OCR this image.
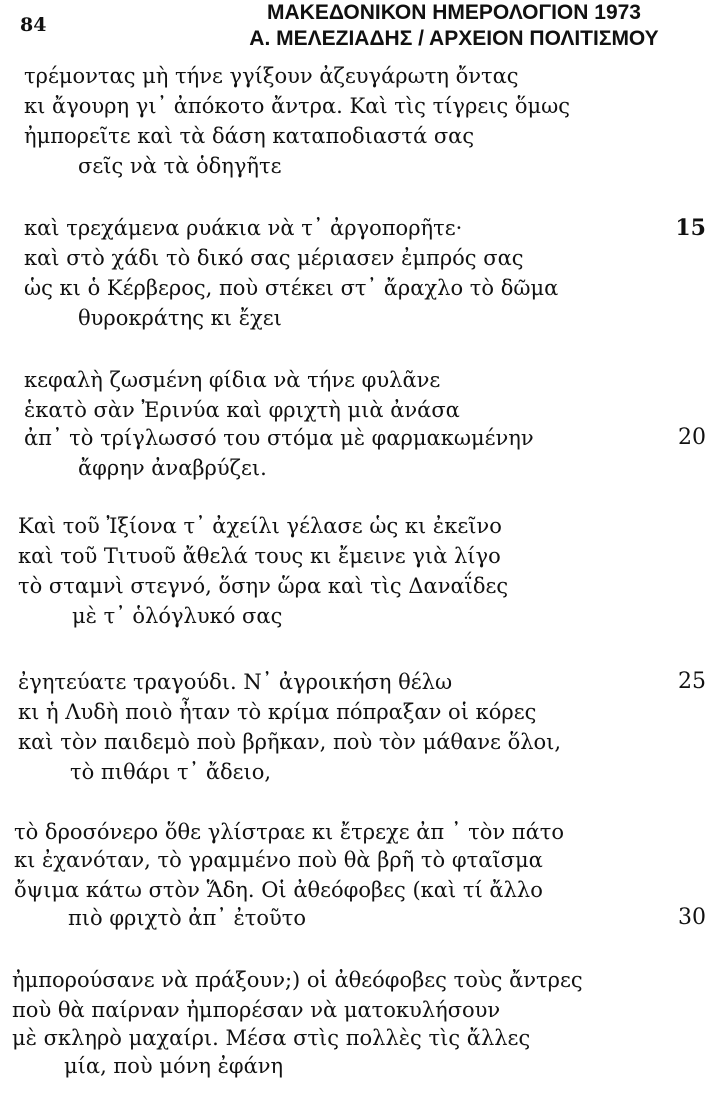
84
ΜΑΚΕΔΟΝΙΚΟΝ ΗΜΕΡΟΛΟΓΙΟΝ 1973
Α. ΜΕΛΕΖΙΑΔΗΣ / ΑΡΧΕΙΟΝ ΠΟΛΙΤΙΣΜΟΥ
τρέμοντας μὴ τήνε γγίξουν ἀζευγάρωτη ὄντας
κι ἄγουρη γι᾽ ἀπόκοτο ἄντρα. Καὶ τὶς τίγρεις ὅμως
ἠμπορεῖτε καὶ τὰ δάση καταποδιαστά σας
σεῖς νὰ τὰ ὁδηγῆτε
καὶ τρεχάμενα ρυάκια νὰ τ᾽ ἀργοπορῆτε·	15
καὶ στὸ χάδι τὸ δικό σας μέριασεν ἐμπρός σας
ὡς κι ὁ Κέρβερος, ποὺ στέκει στ᾽ ἄραχλο τὸ δῶμα
θυροκράτης κι ἔχει
κεφαλὴ ζωσμένη φίδια νὰ τήνε φυλᾶνε
ἑκατὸ σὰν Ἐρινύα καὶ φριχτὴ μιὰ ἀνάσα
ἀπ᾽ τὸ τρίγλωσσό του στόμα μὲ φαρμακωμένην	20
ἄφρην ἀναβρύζει.
Καὶ τοῦ Ἰξίονα τ᾽ ἀχείλι γέλασε ὡς κι ἐκεῖνο
καὶ τοῦ Τιτυοῦ ἄθελά τους κι ἔμεινε γιὰ λίγο
τὸ σταμνὶ στεγνό, ὅσην ὥρα καὶ τὶς Δαναΐδες
μὲ τ᾽ ὁλόγλυκό σας
ἐγητεύατε τραγούδι. Ν᾽ ἀγροικήση θέλω	25
κι ἡ Λυδὴ ποιὸ ἦταν τὸ κρίμα πόπραξαν οἱ κόρες
καὶ τὸν παιδεμὸ ποὺ βρῆκαν, ποὺ τὸν μάθανε ὅλοι,
τὸ πιθάρι τ᾽ ἄδειο,
τὸ δροσόνερο ὅθε γλίστραε κι ἔτρεχε ἀπ ᾽ τὸν πάτο
κι ἐχανόταν, τὸ γραμμένο ποὺ θὰ βρῆ τὸ φταῖσμα
ὄψιμα κάτω στὸν Ἅδη. Οἱ ἀθεόφοβες (καὶ τί ἄλλο
πιὸ φριχτὸ ἀπ᾽ ἐτοῦτο	30
ἠμπορούσανε νὰ πράξουν;) οἱ ἀθεόφοβες τοὺς ἄντρες
ποὺ θὰ παίρναν ἠμπορέσαν νὰ ματοκυλήσουν
μὲ σκληρὸ μαχαίρι. Μέσα στὶς πολλὲς τὶς ἄλλες
μία, ποὺ μόνη ἐφάνη
